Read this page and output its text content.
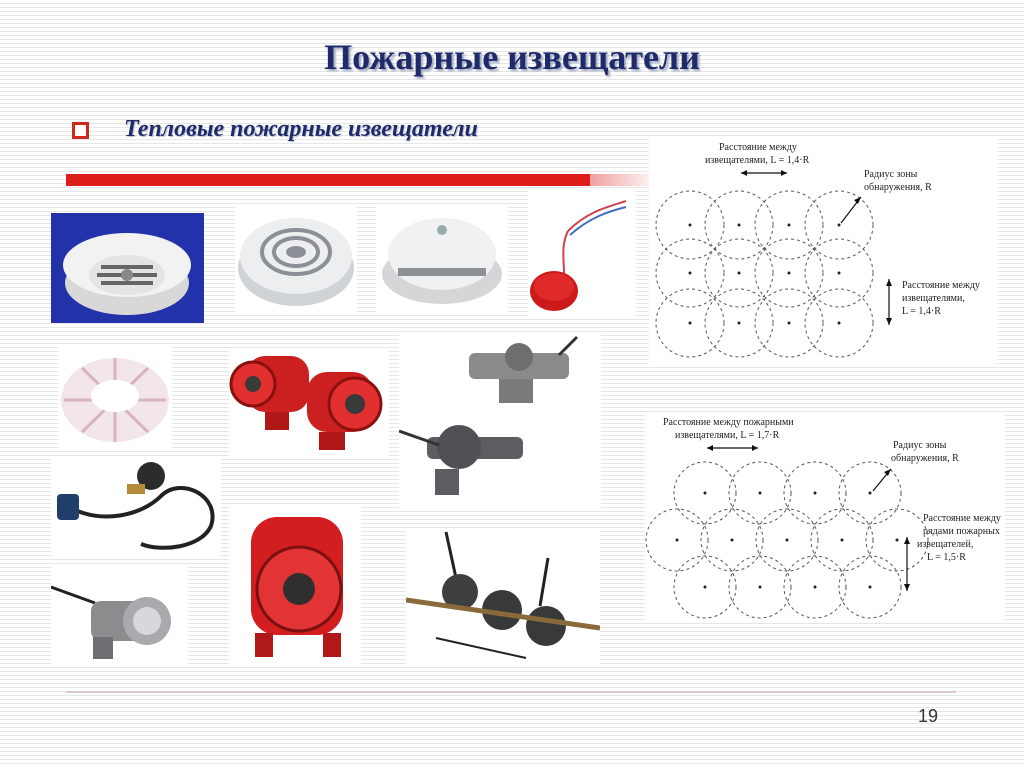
Пожарные извещатели
Тепловые пожарные извещатели
Расстояние между
извещателями, L = 1,4·R
Радиус зоны
обнаружения, R
Расстояние между
извещателями,
L = 1,4·R
Расстояние между пожарными
извещателями, L = 1,7·R
Радиус зоны
обнаружения, R
Расстояние между
рядами пожарных
извещателей,
L = 1,5·R
19
